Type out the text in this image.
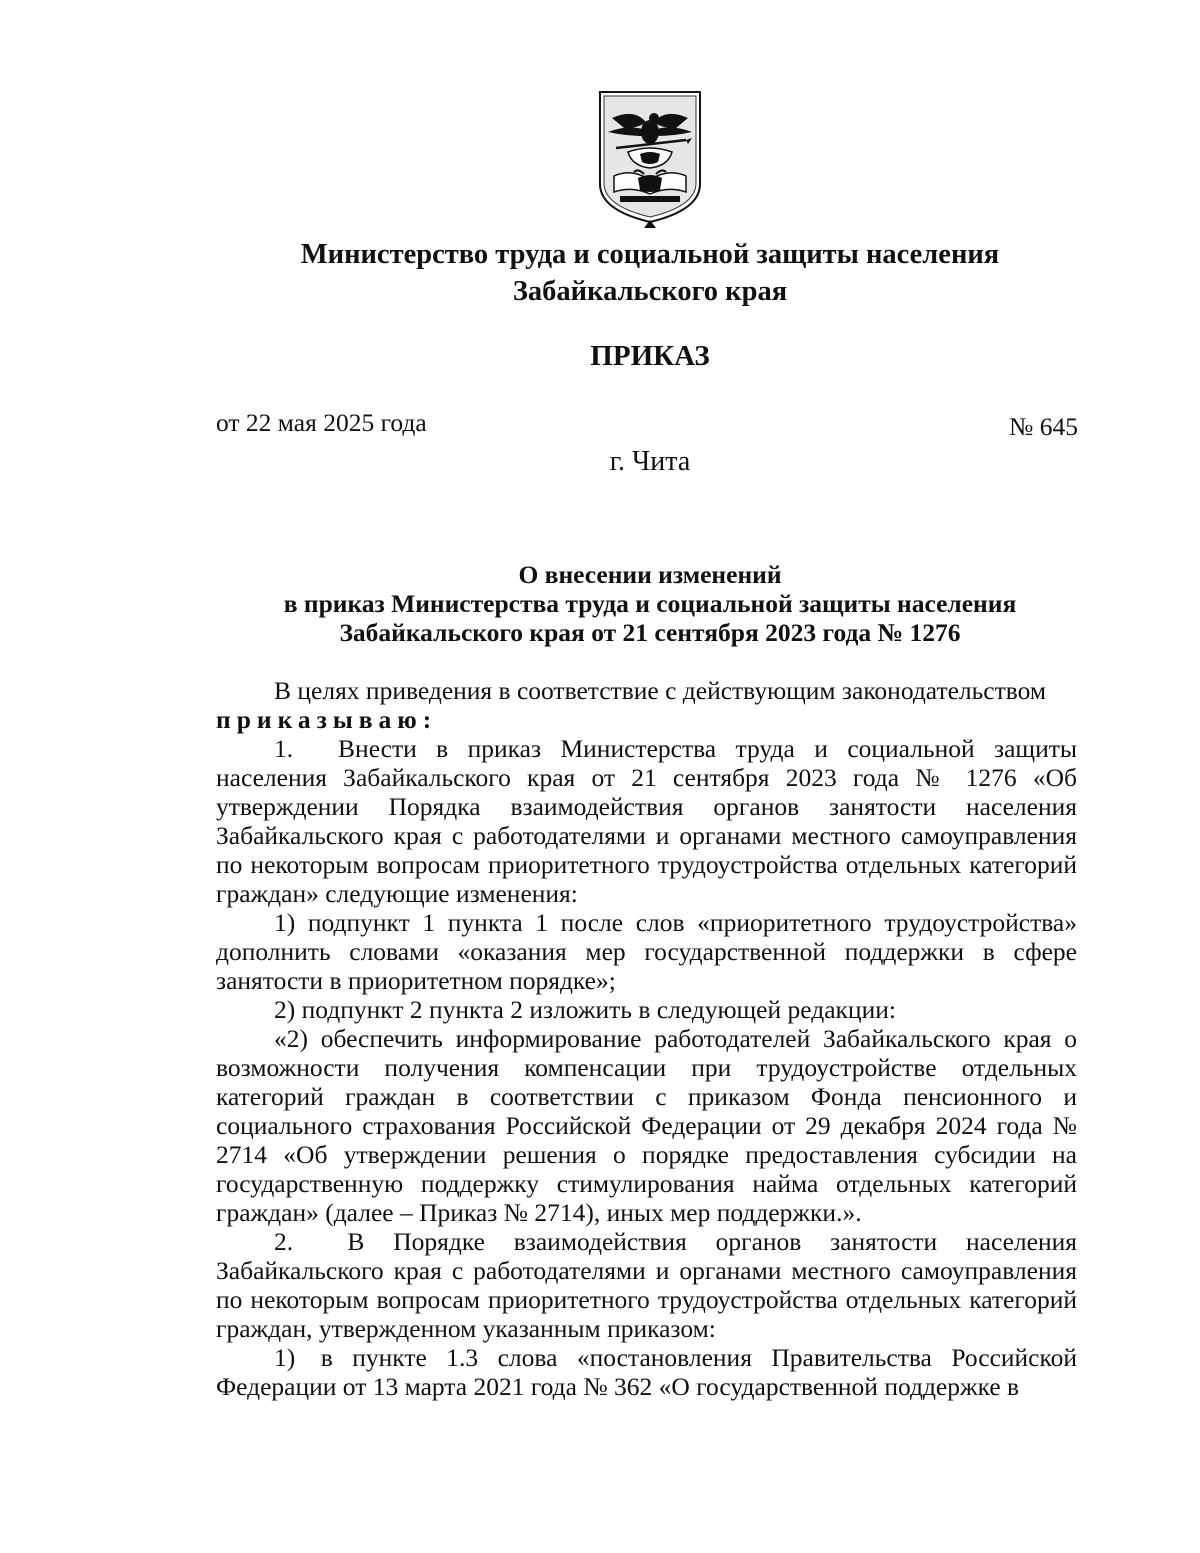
Министерство труда и социальной защиты населения
Забайкальского края
ПРИКАЗ
от 22 мая 2025 года	№ 645
г. Чита
О внесении изменений
в приказ Министерства труда и социальной защиты населения
Забайкальского края от 21 сентября 2023 года № 1276

В целях приведения в соответствие с действующим законодательством

приказываю:

1.  Внести в приказ Министерства труда и социальной защиты населения Забайкальского края от 21 сентября 2023 года № 1276 «Об утверждении Порядка взаимодействия органов занятости населения Забайкальского края с работодателями и органами местного самоуправления по некоторым вопросам приоритетного трудоустройства отдельных категорий граждан» следующие изменения:

1) подпункт 1 пункта 1 после слов «приоритетного трудоустройства» дополнить словами «оказания мер государственной поддержки в сфере занятости в приоритетном порядке»;

2) подпункт 2 пункта 2 изложить в следующей редакции:

«2) обеспечить информирование работодателей Забайкальского края о возможности получения компенсации при трудоустройстве отдельных категорий граждан в соответствии с приказом Фонда пенсионного и социального страхования Российской Федерации от 29 декабря 2024 года № 2714 «Об утверждении решения о порядке предоставления субсидии на государственную поддержку стимулирования найма отдельных категорий граждан» (далее – Приказ № 2714), иных мер поддержки.».

2.  В Порядке взаимодействия органов занятости населения Забайкальского края с работодателями и органами местного самоуправления по некоторым вопросам приоритетного трудоустройства отдельных категорий граждан, утвержденном указанным приказом:

1) в пункте 1.3 слова «постановления Правительства Российской Федерации от 13 марта 2021 года № 362 «О государственной поддержке в
